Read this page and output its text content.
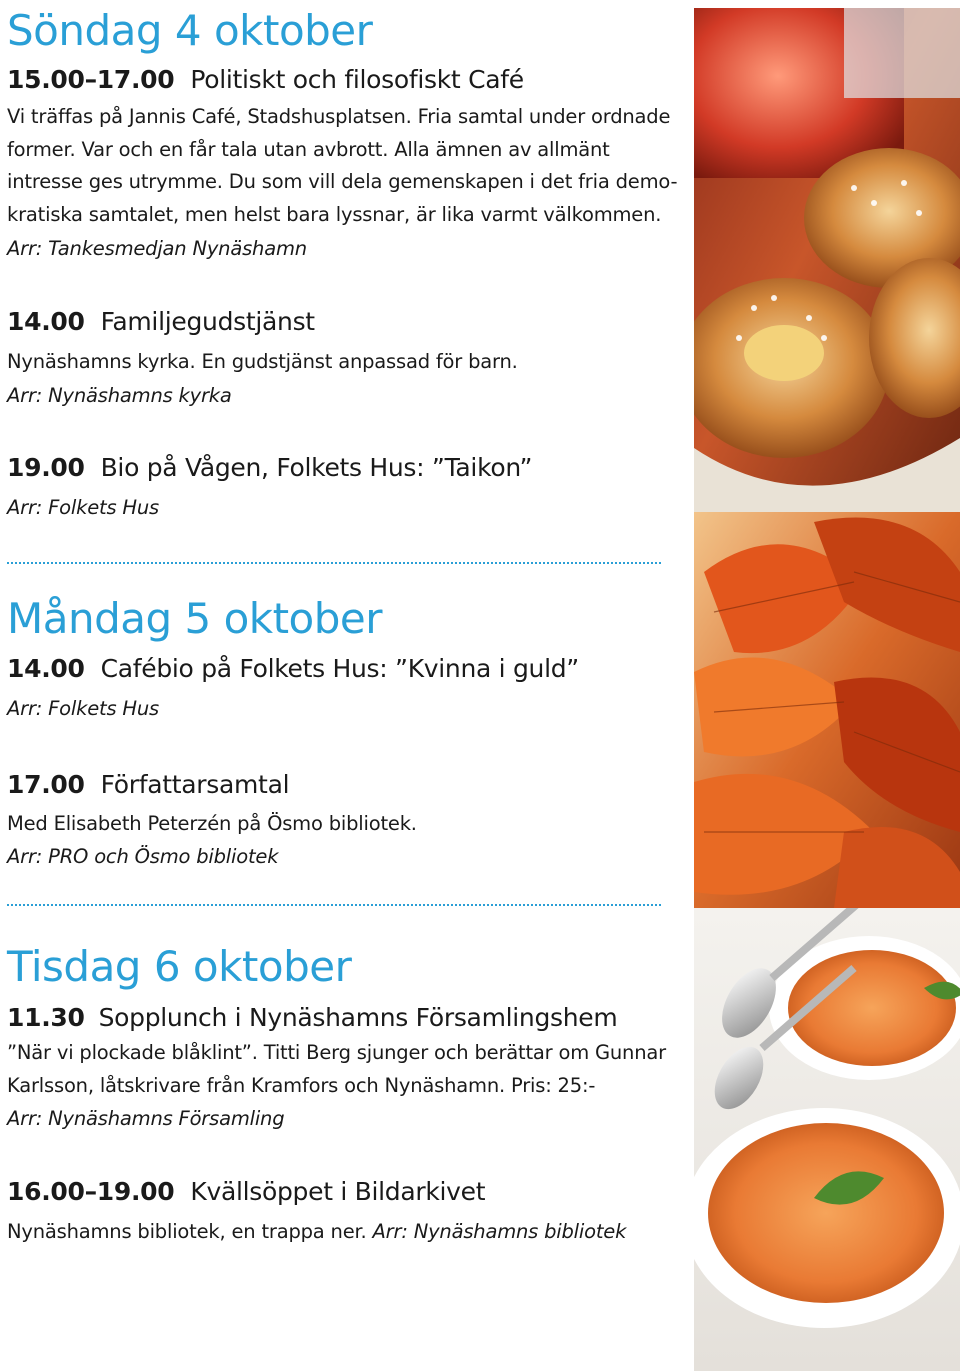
Söndag 4 oktober
15.00–17.00 Politiskt och filosofiskt Café
Vi träffas på Jannis Café, Stadshusplatsen. Fria samtal under ordnade
former. Var och en får tala utan avbrott. Alla ämnen av allmänt
intresse ges utrymme. Du som vill dela gemenskapen i det fria demo-
kratiska samtalet, men helst bara lyssnar, är lika varmt välkommen.
Arr: Tankesmedjan Nynäshamn
14.00 Familjegudstjänst
Nynäshamns kyrka. En gudstjänst anpassad för barn.
Arr: Nynäshamns kyrka
19.00 Bio på Vågen, Folkets Hus: ”Taikon”
Arr: Folkets Hus
Måndag 5 oktober
14.00 Cafébio på Folkets Hus: ”Kvinna i guld”
Arr: Folkets Hus
17.00 Författarsamtal
Med Elisabeth Peterzén på Ösmo bibliotek.
Arr: PRO och Ösmo bibliotek
Tisdag 6 oktober
11.30 Sopplunch i Nynäshamns Församlingshem
”När vi plockade blåklint”. Titti Berg sjunger och berättar om Gunnar
Karlsson, låtskrivare från Kramfors och Nynäshamn. Pris: 25:-
Arr: Nynäshamns Församling
16.00–19.00 Kvällsöppet i Bildarkivet
Nynäshamns bibliotek, en trappa ner. Arr: Nynäshamns bibliotek
